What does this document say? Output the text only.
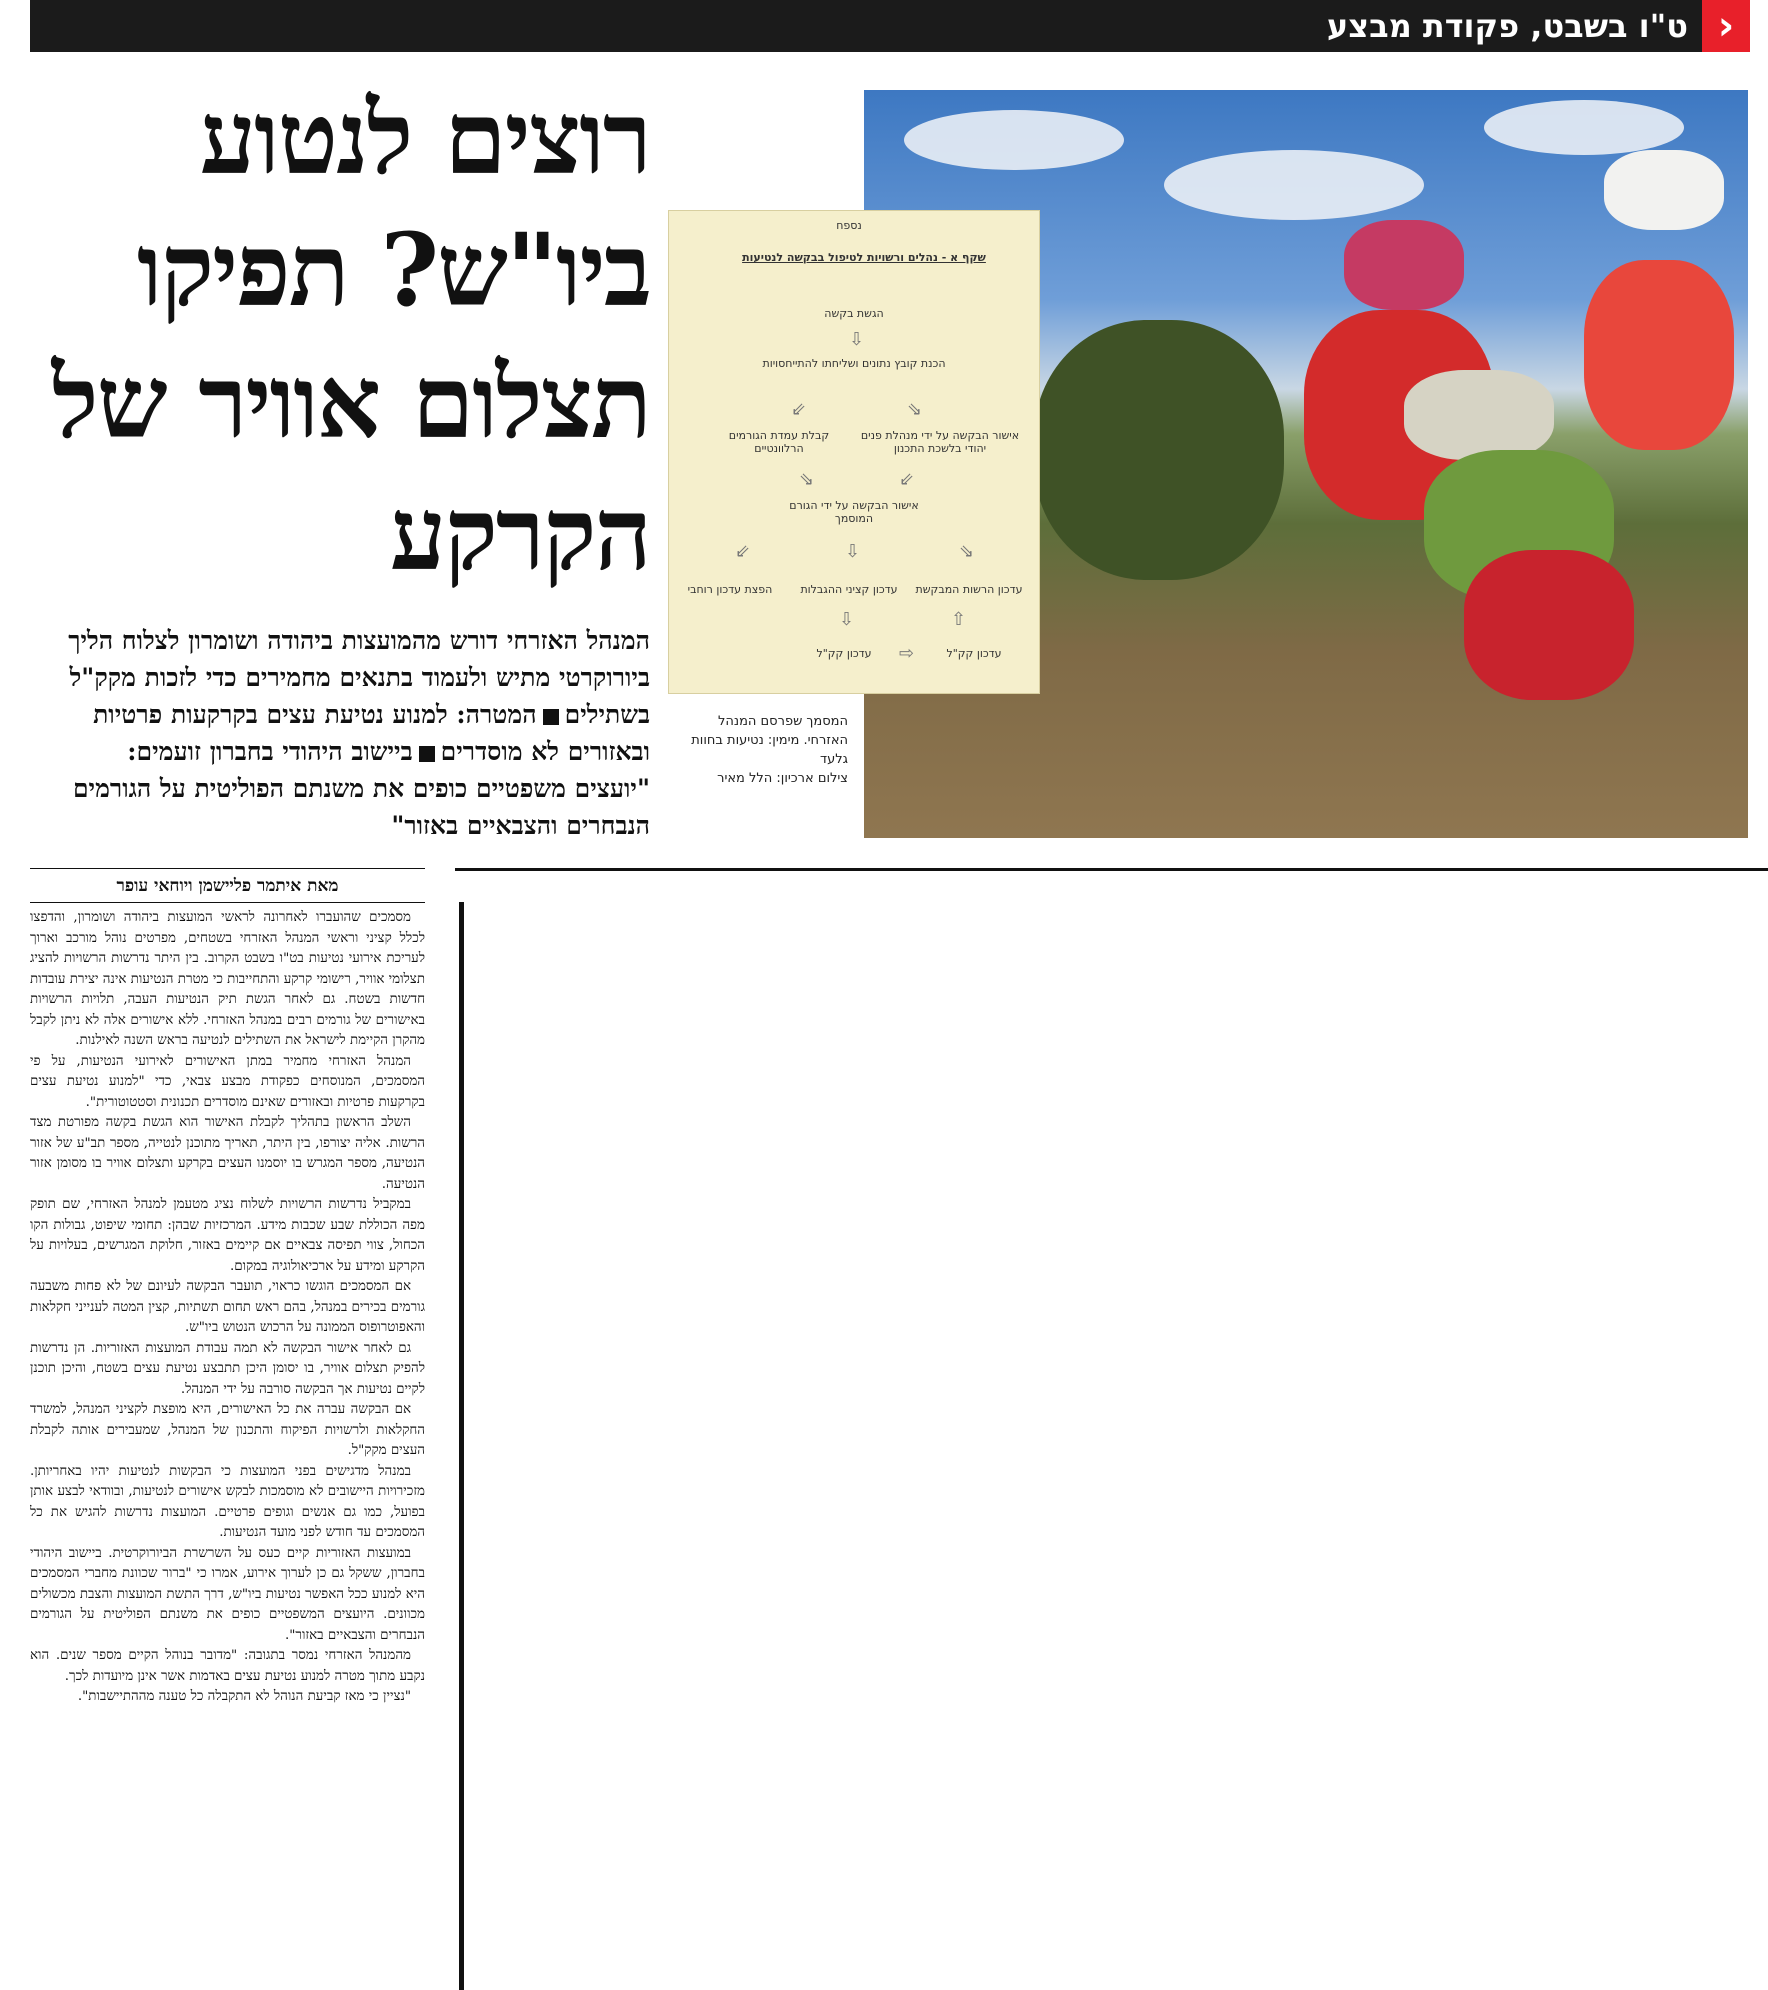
‹
ט"ו בשבט, פקודת מבצע
רוצים לנטוע ביו"ש? תפיקו תצלום אוויר של הקרקע

המנהל האזרחי דורש מהמועצות ביהודה ושומרון לצלוח הליך ביורוקרטי מתיש ולעמוד בתנאים מחמירים כדי לזכות מקק"ל בשתיליםהמטרה: למנוע נטיעת עצים בקרקעות פרטיות ובאזורים לא מוסדריםביישוב היהודי בחברון זועמים: "יועצים משפטיים כופים את משנתם הפוליטית על הגורמים הנבחרים והצבאיים באזור"

נספח
שקף א - נהלים ורשויות לטיפול בבקשה לנטיעות
הגשת בקשה
⇩
הכנת קובץ נתונים ושליחתו להתייחסויות
⇙	⇘
קבלת עמדת הגורמים הרלוונטיים
אישור הבקשה על ידי מנהלת פנים יהודי בלשכת התכנון
⇘	⇙
אישור הבקשה על ידי הגורם המוסמך
⇙	⇩	⇘
עדכון הרשות המבקשת
עדכון קציני ההגבלות
הפצת עדכון רוחבי
⇩	⇧
עדכון קק"ל	⇨	עדכון קק"ל

המסמך שפרסם המנהל האזרחי. מימין: נטיעות בחוות גלעד
צילום ארכיון: הלל מאיר

מאת איתמר פליישמן ויוחאי עופר

מסמכים שהועברו לאחרונה לראשי המועצות ביהודה ושומרון, והדפצו לכלל קציני וראשי המנהל האזרחי בשטחים, מפרטים נוהל מורכב וארוך לעריכת אירועי נטיעות בט"ו בשבט הקרוב. בין היתר נדרשות הרשויות להציג תצלומי אוויר, רישומי קרקע והתחייבות כי מטרת הנטיעות אינה יצירת עובדות חדשות בשטח. גם לאחר הגשת תיק הנטיעות העבה, תלויות הרשויות באישורים של גורמים רבים במנהל האזרחי. ללא אישורים אלה לא ניתן לקבל מהקרן הקיימת לישראל את השתילים לנטיעה בראש השנה לאילנות.

המנהל האזרחי מחמיר במתן האישורים לאירועי הנטיעות, על פי המסמכים, המנוסחים כפקודת מבצע צבאי, כדי "למנוע נטיעת עצים בקרקעות פרטיות ובאזורים שאינם מוסדרים תכנונית וסטטוטורית".

השלב הראשון בתהליך לקבלת האישור הוא הגשת בקשה מפורטת מצד הרשות. אליה יצורפו, בין היתר, תאריך מתוכנן לנטייה, מספר תב"ע של אזור הנטיעה, מספר המגרש בו יוסמנו העצים בקרקע ותצלום אוויר בו מסומן אזור הנטיעה.

במקביל נדרשות הרשויות לשלוח נציג מטעמן למנהל האזרחי, שם תופק מפה הכוללת שבע שכבות מידע. המרכזיות שבהן: תחומי שיפוט, גבולות הקו הכחול, צווי תפיסה צבאיים אם קיימים באזור, חלוקת המגרשים, בעלויות על הקרקע ומידע על ארכיאולוגיה במקום.

אם המסמכים הוגשו כראוי, תועבר הבקשה לעיונם של לא פחות משבעה גורמים בכירים במנהל, בהם ראש תחום תשתיות, קצין המטה לענייני חקלאות והאפוטרופוס הממונה על הרכוש הנטוש ביו"ש.

גם לאחר אישור הבקשה לא תמה עבודת המועצות האזוריות. הן נדרשות להפיק תצלום אוויר, בו יסומן היכן תתבצע נטיעת עצים בשטח, והיכן תוכנן לקיים נטיעות אך הבקשה סורבה על ידי המנהל.

אם הבקשה עברה את כל האישורים, היא מופצת לקציני המנהל, למשרד החקלאות ולרשויות הפיקוח והתכנון של המנהל, שמעבירים אותה לקבלת העצים מקק"ל.

במנהל מדגישים בפני המועצות כי הבקשות לנטיעות יהיו באחריותן. מזכירויות היישובים לא מוסמכות לבקש אישורים לנטיעות, ובוודאי לבצע אותן בפועל, כמו גם אנשים וגופים פרטיים. המועצות נדרשות להגיש את כל המסמכים עד חודש לפני מועד הנטיעות.

במועצות האזוריות קיים כעס על השרשרת הביורוקרטית. ביישוב היהודי בחברון, ששקל גם כן לערוך אירוע, אמרו כי "ברור שכוונת מחברי המסמכים היא למנוע ככל האפשר נטיעות ביו"ש, דרך התשת המועצות והצבת מכשולים מכוונים. היועצים המשפטיים כופים את משנתם הפוליטית על הגורמים הנבחרים והצבאיים באזור".

מהמנהל האזרחי נמסר בתגובה: "מדובר בנוהל הקיים מספר שנים. הוא נקבע מתוך מטרה למנוע נטיעת עצים באדמות אשר אינן מיועדות לכך.

"נציין כי מאז קביעת הנוהל לא התקבלה כל טענה מההתיישבות".
